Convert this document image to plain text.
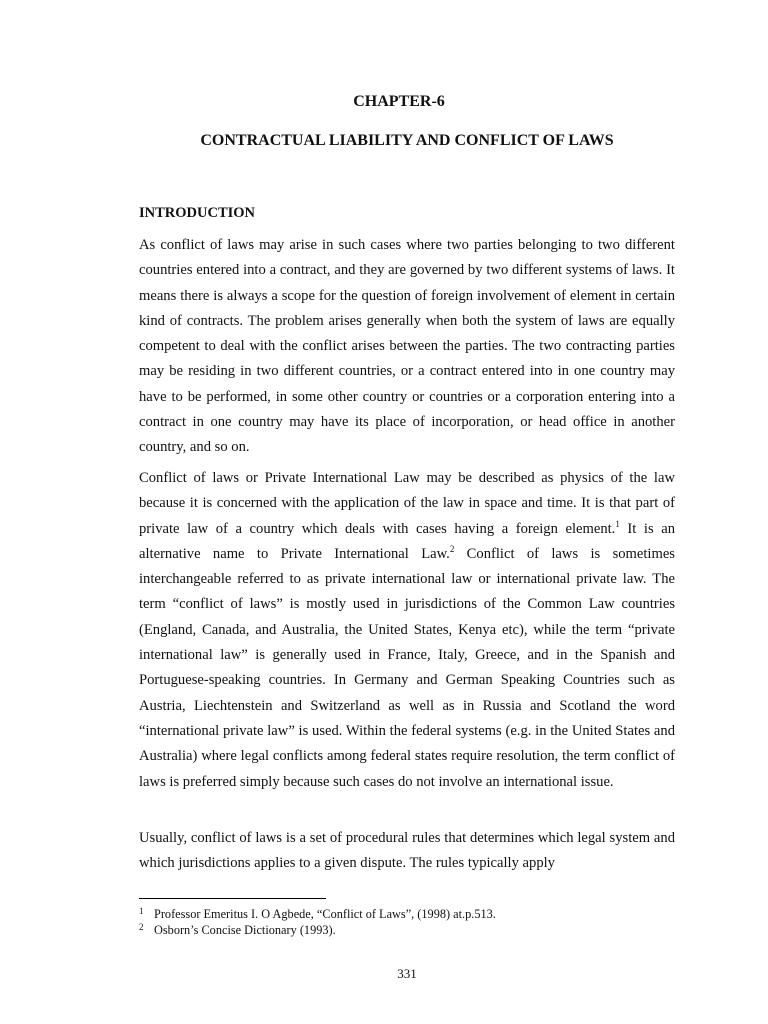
CHAPTER-6
CONTRACTUAL LIABILITY AND CONFLICT OF LAWS
INTRODUCTION

As conflict of laws may arise in such cases where two parties belonging to two different countries entered into a contract, and they are governed by two different systems of laws. It means there is always a scope for the question of foreign involvement of element in certain kind of contracts. The problem arises generally when both the system of laws are equally competent to deal with the conflict arises between the parties. The two contracting parties may be residing in two different countries, or a contract entered into in one country may have to be performed, in some other country or countries or a corporation entering into a contract in one country may have its place of incorporation, or head office in another country, and so on.

Conflict of laws or Private International Law may be described as physics of the law because it is concerned with the application of the law in space and time. It is that part of private law of a country which deals with cases having a foreign element.$^1$ It is an alternative name to Private International Law.$^2$ Conflict of laws is sometimes interchangeable referred to as private international law or international private law. The term “conflict of laws” is mostly used in jurisdictions of the Common Law countries (England, Canada, and Australia, the United States, Kenya etc), while the term “private international law” is generally used in France, Italy, Greece, and in the Spanish and Portuguese-speaking countries. In Germany and German Speaking Countries such as Austria, Liechtenstein and Switzerland as well as in Russia and Scotland the word “international private law” is used. Within the federal systems (e.g. in the United States and Australia) where legal conflicts among federal states require resolution, the term conflict of laws is preferred simply because such cases do not involve an international issue.

Usually, conflict of laws is a set of procedural rules that determines which legal system and which jurisdictions applies to a given dispute. The rules typically apply

1 Professor Emeritus I. O Agbede, “Conflict of Laws”, (1998) at.p.513.

2 Osborn’s Concise Dictionary (1993).

331
